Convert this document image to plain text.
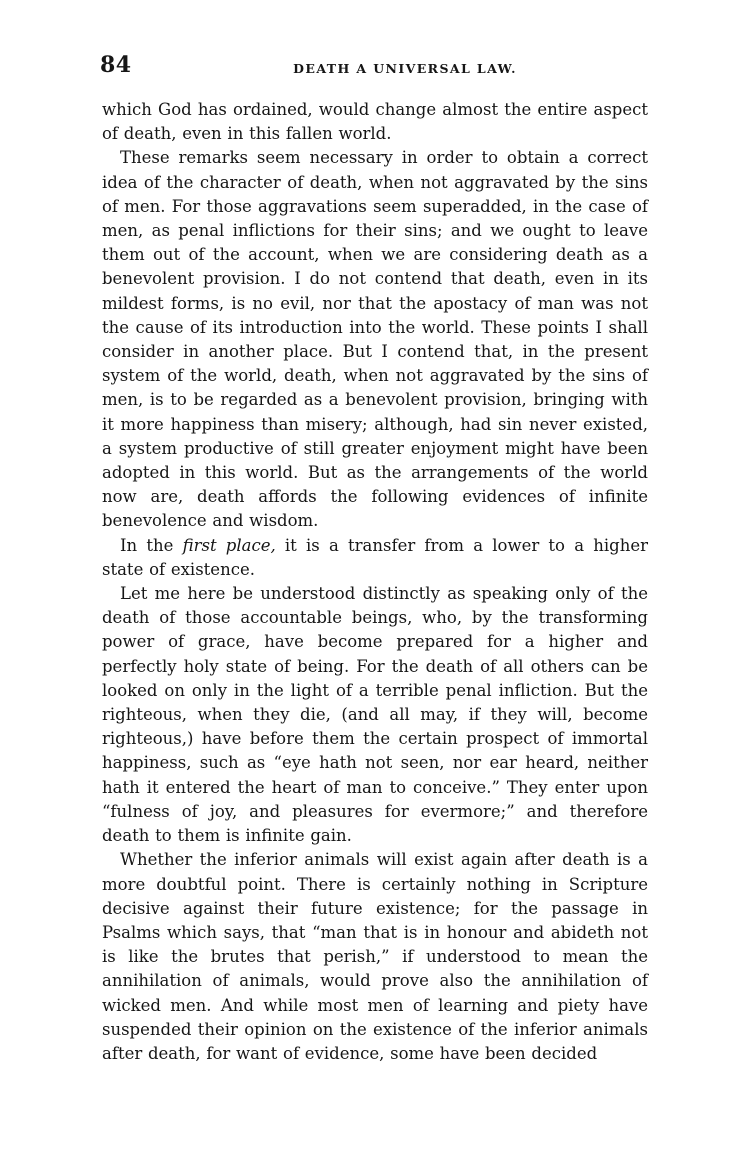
84	DEATH A UNIVERSAL LAW.

which God has ordained, would change almost the entire aspect of death, even in this fallen world.

These remarks seem necessary in order to obtain a correct idea of the character of death, when not aggravated by the sins of men. For those aggravations seem superadded, in the case of men, as penal inflictions for their sins; and we ought to leave them out of the account, when we are considering death as a benevolent provision. I do not contend that death, even in its mildest forms, is no evil, nor that the apostacy of man was not the cause of its introduction into the world. These points I shall consider in another place. But I contend that, in the present system of the world, death, when not aggravated by the sins of men, is to be regarded as a benevolent provision, bringing with it more happiness than misery; although, had sin never existed, a system productive of still greater enjoyment might have been adopted in this world. But as the arrangements of the world now are, death affords the following evidences of infinite benevolence and wisdom.

In the first place, it is a transfer from a lower to a higher state of existence.

Let me here be understood distinctly as speaking only of the death of those accountable beings, who, by the transforming power of grace, have become prepared for a higher and perfectly holy state of being. For the death of all others can be looked on only in the light of a terrible penal infliction. But the righteous, when they die, (and all may, if they will, become righteous,) have before them the certain prospect of immortal happiness, such as “eye hath not seen, nor ear heard, neither hath it entered the heart of man to conceive.” They enter upon “fulness of joy, and pleasures for evermore;” and therefore death to them is infinite gain.

Whether the inferior animals will exist again after death is a more doubtful point. There is certainly nothing in Scripture decisive against their future existence; for the passage in Psalms which says, that “man that is in honour and abideth not is like the brutes that perish,” if understood to mean the annihilation of animals, would prove also the annihilation of wicked men. And while most men of learning and piety have suspended their opinion on the existence of the inferior animals after death, for want of evidence, some have been decided
